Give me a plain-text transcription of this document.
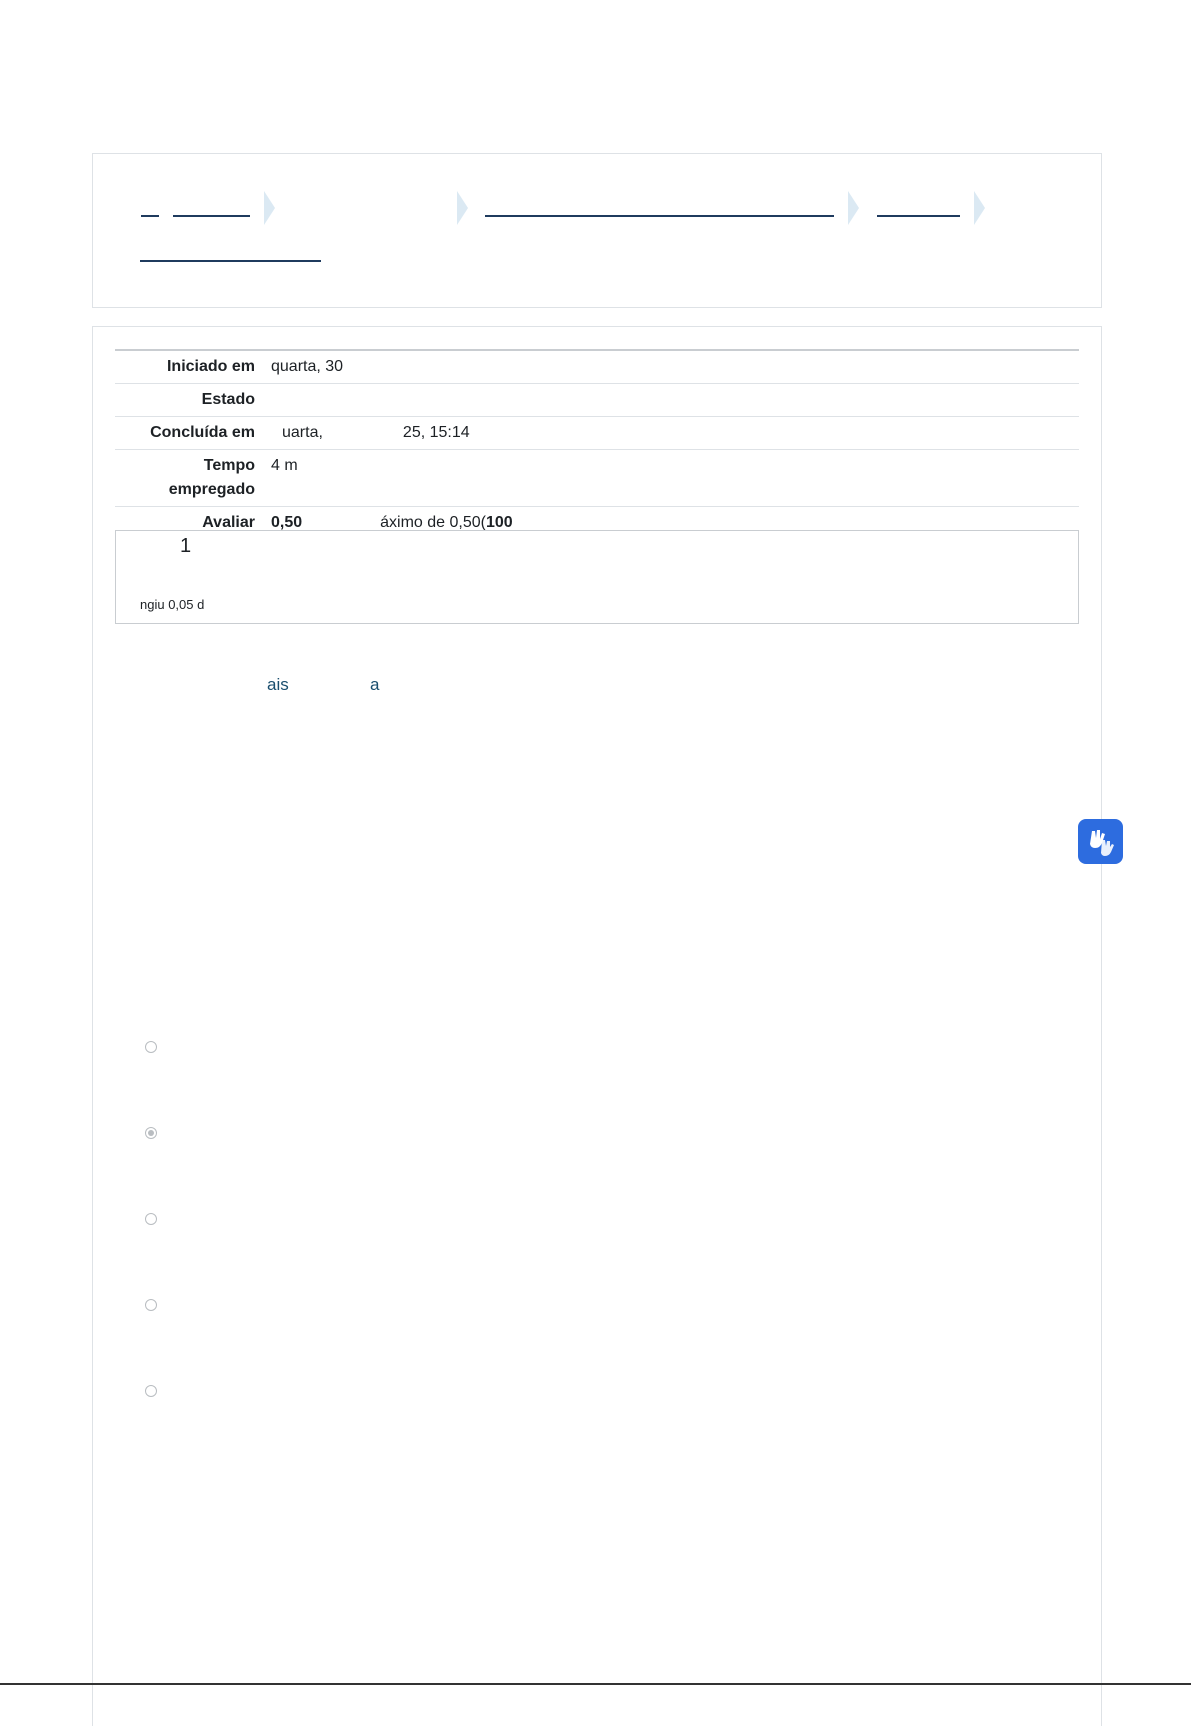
Iniciado em	quarta, 30
Estado	
Concluída em	uarta, 25, 15:14
Tempo
empregado	4 m
Avaliar	0,50 áximo de 0,50(100
1
ngiu 0,05 d
ais	a
